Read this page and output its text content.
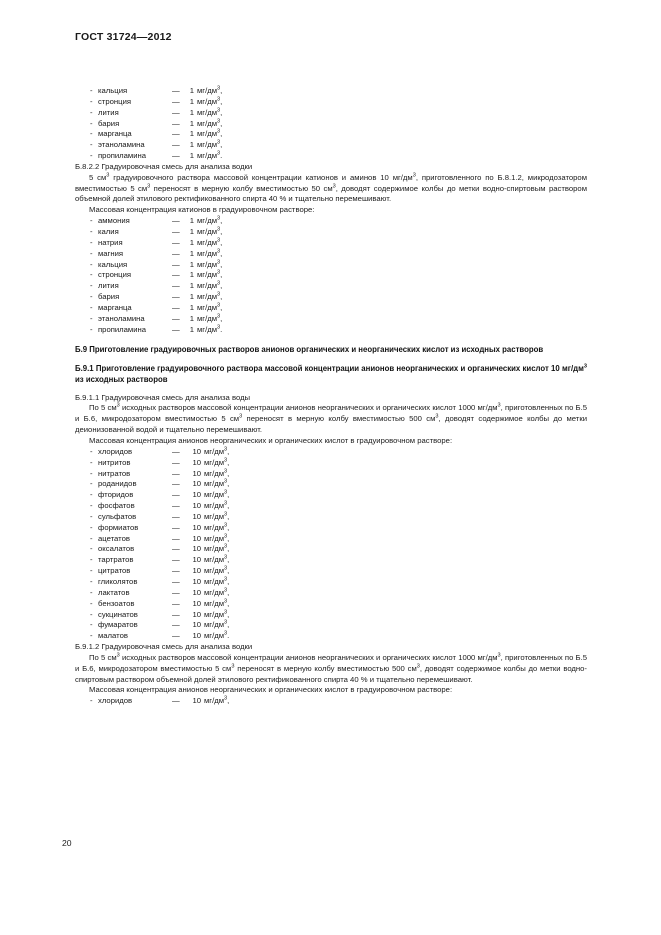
ГОСТ 31724—2012
- кальция	— 1 $мг/дм^3$,
- стронция	— 1 $мг/дм^3$,
- лития	— 1 $мг/дм^3$,
- бария	— 1 $мг/дм^3$,
- марганца	— 1 $мг/дм^3$,
- этаноламина	— 1 $мг/дм^3$,
- пропиламина	— 1 $мг/дм^3$.

Б.8.2.2 Градуировочная смесь для анализа водки

5 $см^3$ градуировочного раствора массовой концентрации катионов и аминов 10 $мг/дм^3$, приготовленного по Б.8.1.2, микродозатором вместимостью 5 $см^3$ переносят в мерную колбу вместимостью 50 $см^3$, доводят содержимое колбы до метки водно-спиртовым раствором объемной долей этилового ректификованного спирта 40 % и тщательно перемешивают.

Массовая концентрация катионов в градуировочном растворе:

- аммония	— 1 $мг/дм^3$,
- калия	— 1 $мг/дм^3$,
- натрия	— 1 $мг/дм^3$,
- магния	— 1 $мг/дм^3$,
- кальция	— 1 $мг/дм^3$,
- стронция	— 1 $мг/дм^3$,
- лития	— 1 $мг/дм^3$,
- бария	— 1 $мг/дм^3$,
- марганца	— 1 $мг/дм^3$,
- этаноламина	— 1 $мг/дм^3$,
- пропиламина	— 1 $мг/дм^3$.

Б.9 Приготовление градуировочных растворов анионов органических и неорганических кислот из исходных растворов

Б.9.1 Приготовление градуировочного раствора массовой концентрации анионов неорганических и органических кислот 10 $мг/дм^3$ из исходных растворов

Б.9.1.1 Градуировочная смесь для анализа воды

По 5 $см^3$ исходных растворов массовой концентрации анионов неорганических и органических кислот 1000 $мг/дм^3$, приготовленных по Б.5 и Б.6, микродозатором вместимостью 5 $см^3$ переносят в мерную колбу вместимостью 500 $см^3$, доводят содержимое колбы до метки деионизованной водой и тщательно перемешивают.

Массовая концентрация анионов неорганических и органических кислот в градуировочном растворе:

- хлоридов	— 10 $мг/дм^3$,
- нитритов	— 10 $мг/дм^3$,
- нитратов	— 10 $мг/дм^3$,
- роданидов	— 10 $мг/дм^3$,
- фторидов	— 10 $мг/дм^3$,
- фосфатов	— 10 $мг/дм^3$,
- сульфатов	— 10 $мг/дм^3$,
- формиатов	— 10 $мг/дм^3$,
- ацетатов	— 10 $мг/дм^3$,
- оксалатов	— 10 $мг/дм^3$,
- тартратов	— 10 $мг/дм^3$,
- цитратов	— 10 $мг/дм^3$,
- гликолятов	— 10 $мг/дм^3$,
- лактатов	— 10 $мг/дм^3$,
- бензоатов	— 10 $мг/дм^3$,
- сукцинатов	— 10 $мг/дм^3$,
- фумаратов	— 10 $мг/дм^3$,
- малатов	— 10 $мг/дм^3$.

Б.9.1.2 Градуировочная смесь для анализа водки

По 5 $см^3$ исходных растворов массовой концентрации анионов неорганических и органических кислот 1000 $мг/дм^3$, приготовленных по Б.5 и Б.6, микродозатором вместимостью 5 $см^3$ переносят в мерную колбу вместимостью 500 $см^3$, доводят содержимое колбы до метки водно-спиртовым раствором объемной долей этилового ректификованного спирта 40 % и тщательно перемешивают.

Массовая концентрация анионов неорганических и органических кислот в градуировочном растворе:

- хлоридов	— 10 $мг/дм^3$,
20
